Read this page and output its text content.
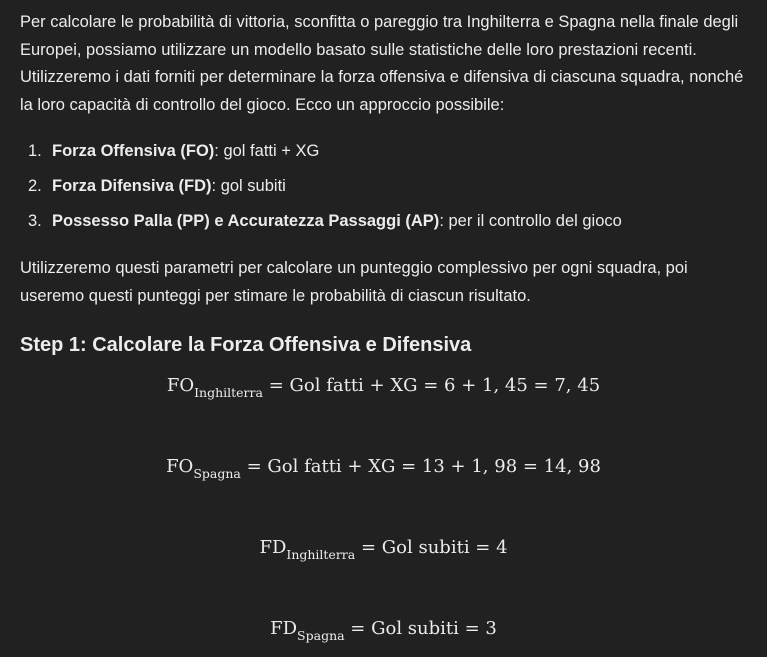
Per calcolare le probabilità di vittoria, sconfitta o pareggio tra Inghilterra e Spagna nella finale degli Europei, possiamo utilizzare un modello basato sulle statistiche delle loro prestazioni recenti. Utilizzeremo i dati forniti per determinare la forza offensiva e difensiva di ciascuna squadra, nonché la loro capacità di controllo del gioco. Ecco un approccio possibile:

1. Forza Offensiva (FO): gol fatti + XG
2. Forza Difensiva (FD): gol subiti
3. Possesso Palla (PP) e Accuratezza Passaggi (AP): per il controllo del gioco

Utilizzeremo questi parametri per calcolare un punteggio complessivo per ogni squadra, poi useremo questi punteggi per stimare le probabilità di ciascun risultato.

Step 1: Calcolare la Forza Offensiva e Difensiva
$FO_{Inghilterra}$ = Gol fatti + XG = 6 + 1, 45 = 7, 45
$FO_{Spagna}$ = Gol fatti + XG = 13 + 1, 98 = 14, 98
$FD_{Inghilterra}$ = Gol subiti = 4
$FD_{Spagna}$ = Gol subiti = 3
